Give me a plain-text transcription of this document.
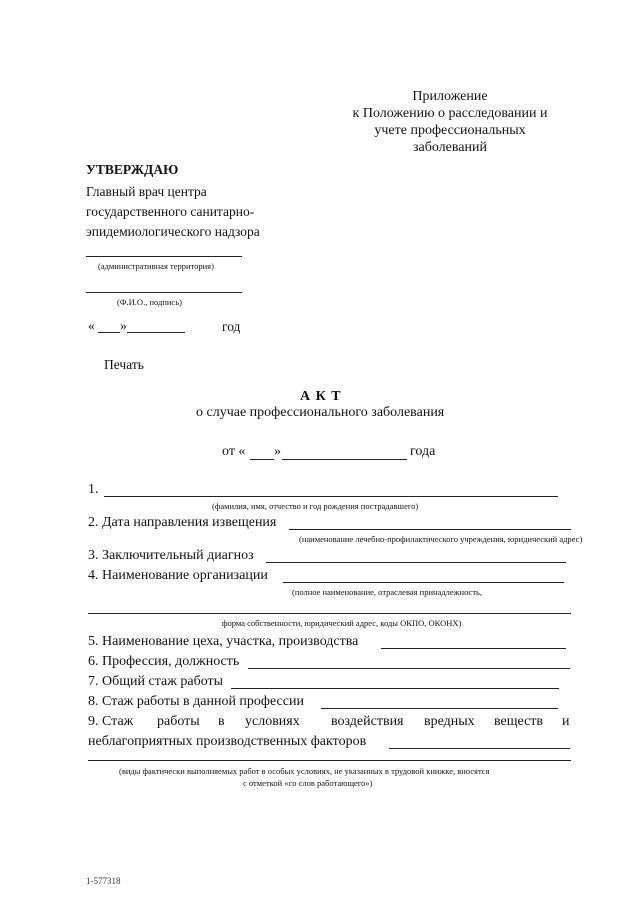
Приложение
к Положению о расследовании и
учете профессиональных
заболеваний
УТВЕРЖДАЮ
Главный врач центра
государственного санитарно-
эпидемиологического надзора
(административная территория)
(Ф.И.О., подпись)
« »	год
Печать
А К Т
о случае профессионального заболевания
от « »	года
1.
(фамилия, имя, отчество и год рождения пострадавшего)
2. Дата направления извещения
(наименование лечебно-профилактического учреждения, юридический адрес)
3. Заключительный диагноз
4. Наименование организации
(полное наименование, отраслевая принадлежность,
форма собственности, юридический адрес, коды ОКПО, ОКОНХ)
5. Наименование цеха, участка, производства
6. Профессия, должность
7. Общий стаж работы
8. Стаж работы в данной профессии
9. Стаж работы в условиях воздействия вредных веществ и
неблагоприятных производственных факторов
(виды фактически выполняемых работ в особых условиях, не указанных в трудовой книжке, вносятся
с отметкой «со слов работающего»)
1-577318
